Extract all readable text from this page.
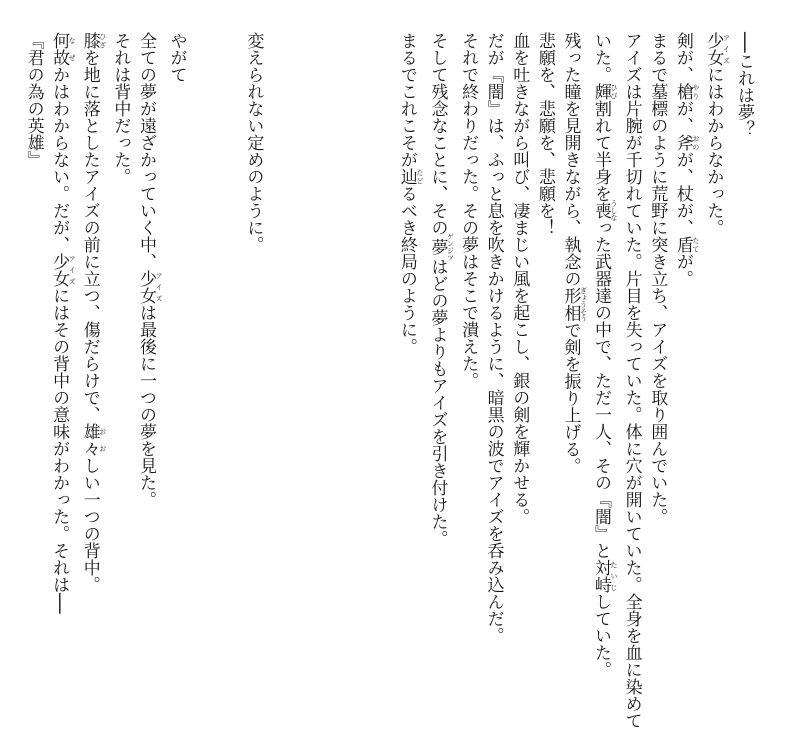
──これは夢？
少女 アイズにはわからなかった。
剣が、槍 やりが、斧 おのが、杖が、盾 たてが。
まるで墓標のように荒野に突き立ち、アイズを取り囲んでいた。
アイズは片腕が千切れていた。片目を失っていた。体に穴が開いていた。全身を血に染めて
いた。皹 ひび割れて半身を喪 うしなった武器達の中で、ただ一人、その『闇』と対峙 たいじしていた。
残った瞳を見開きながら、執念の形相 ぎょうそうで剣を振り上げる。
悲願を、悲願を、悲願を！
血を吐きながら叫び、凄まじい風を起こし、銀の剣を輝かせる。
だが『闇』は、ふっと息を吹きかけるように、暗黒の波でアイズを呑み込んだ。
それで終わりだった。その夢はそこで潰えた。
そして残念なことに、その夢 ゲンジツはどの夢よりもアイズを引き付けた。
まるでこれこそが辿 たどるべき終局のように。
変えられない定めのように。
やがて
全ての夢が遠ざかっていく中、少女 アイズは最後に一つの夢を見た。
それは背中だった。
膝 ひざを地に落としたアイズの前に立つ、傷だらけで、雄々 おおしい一つの背中。
何故 なぜかはわからない。だが、少女 アイズにはその背中の意味がわかった。それは──
『君の為の英雄』
